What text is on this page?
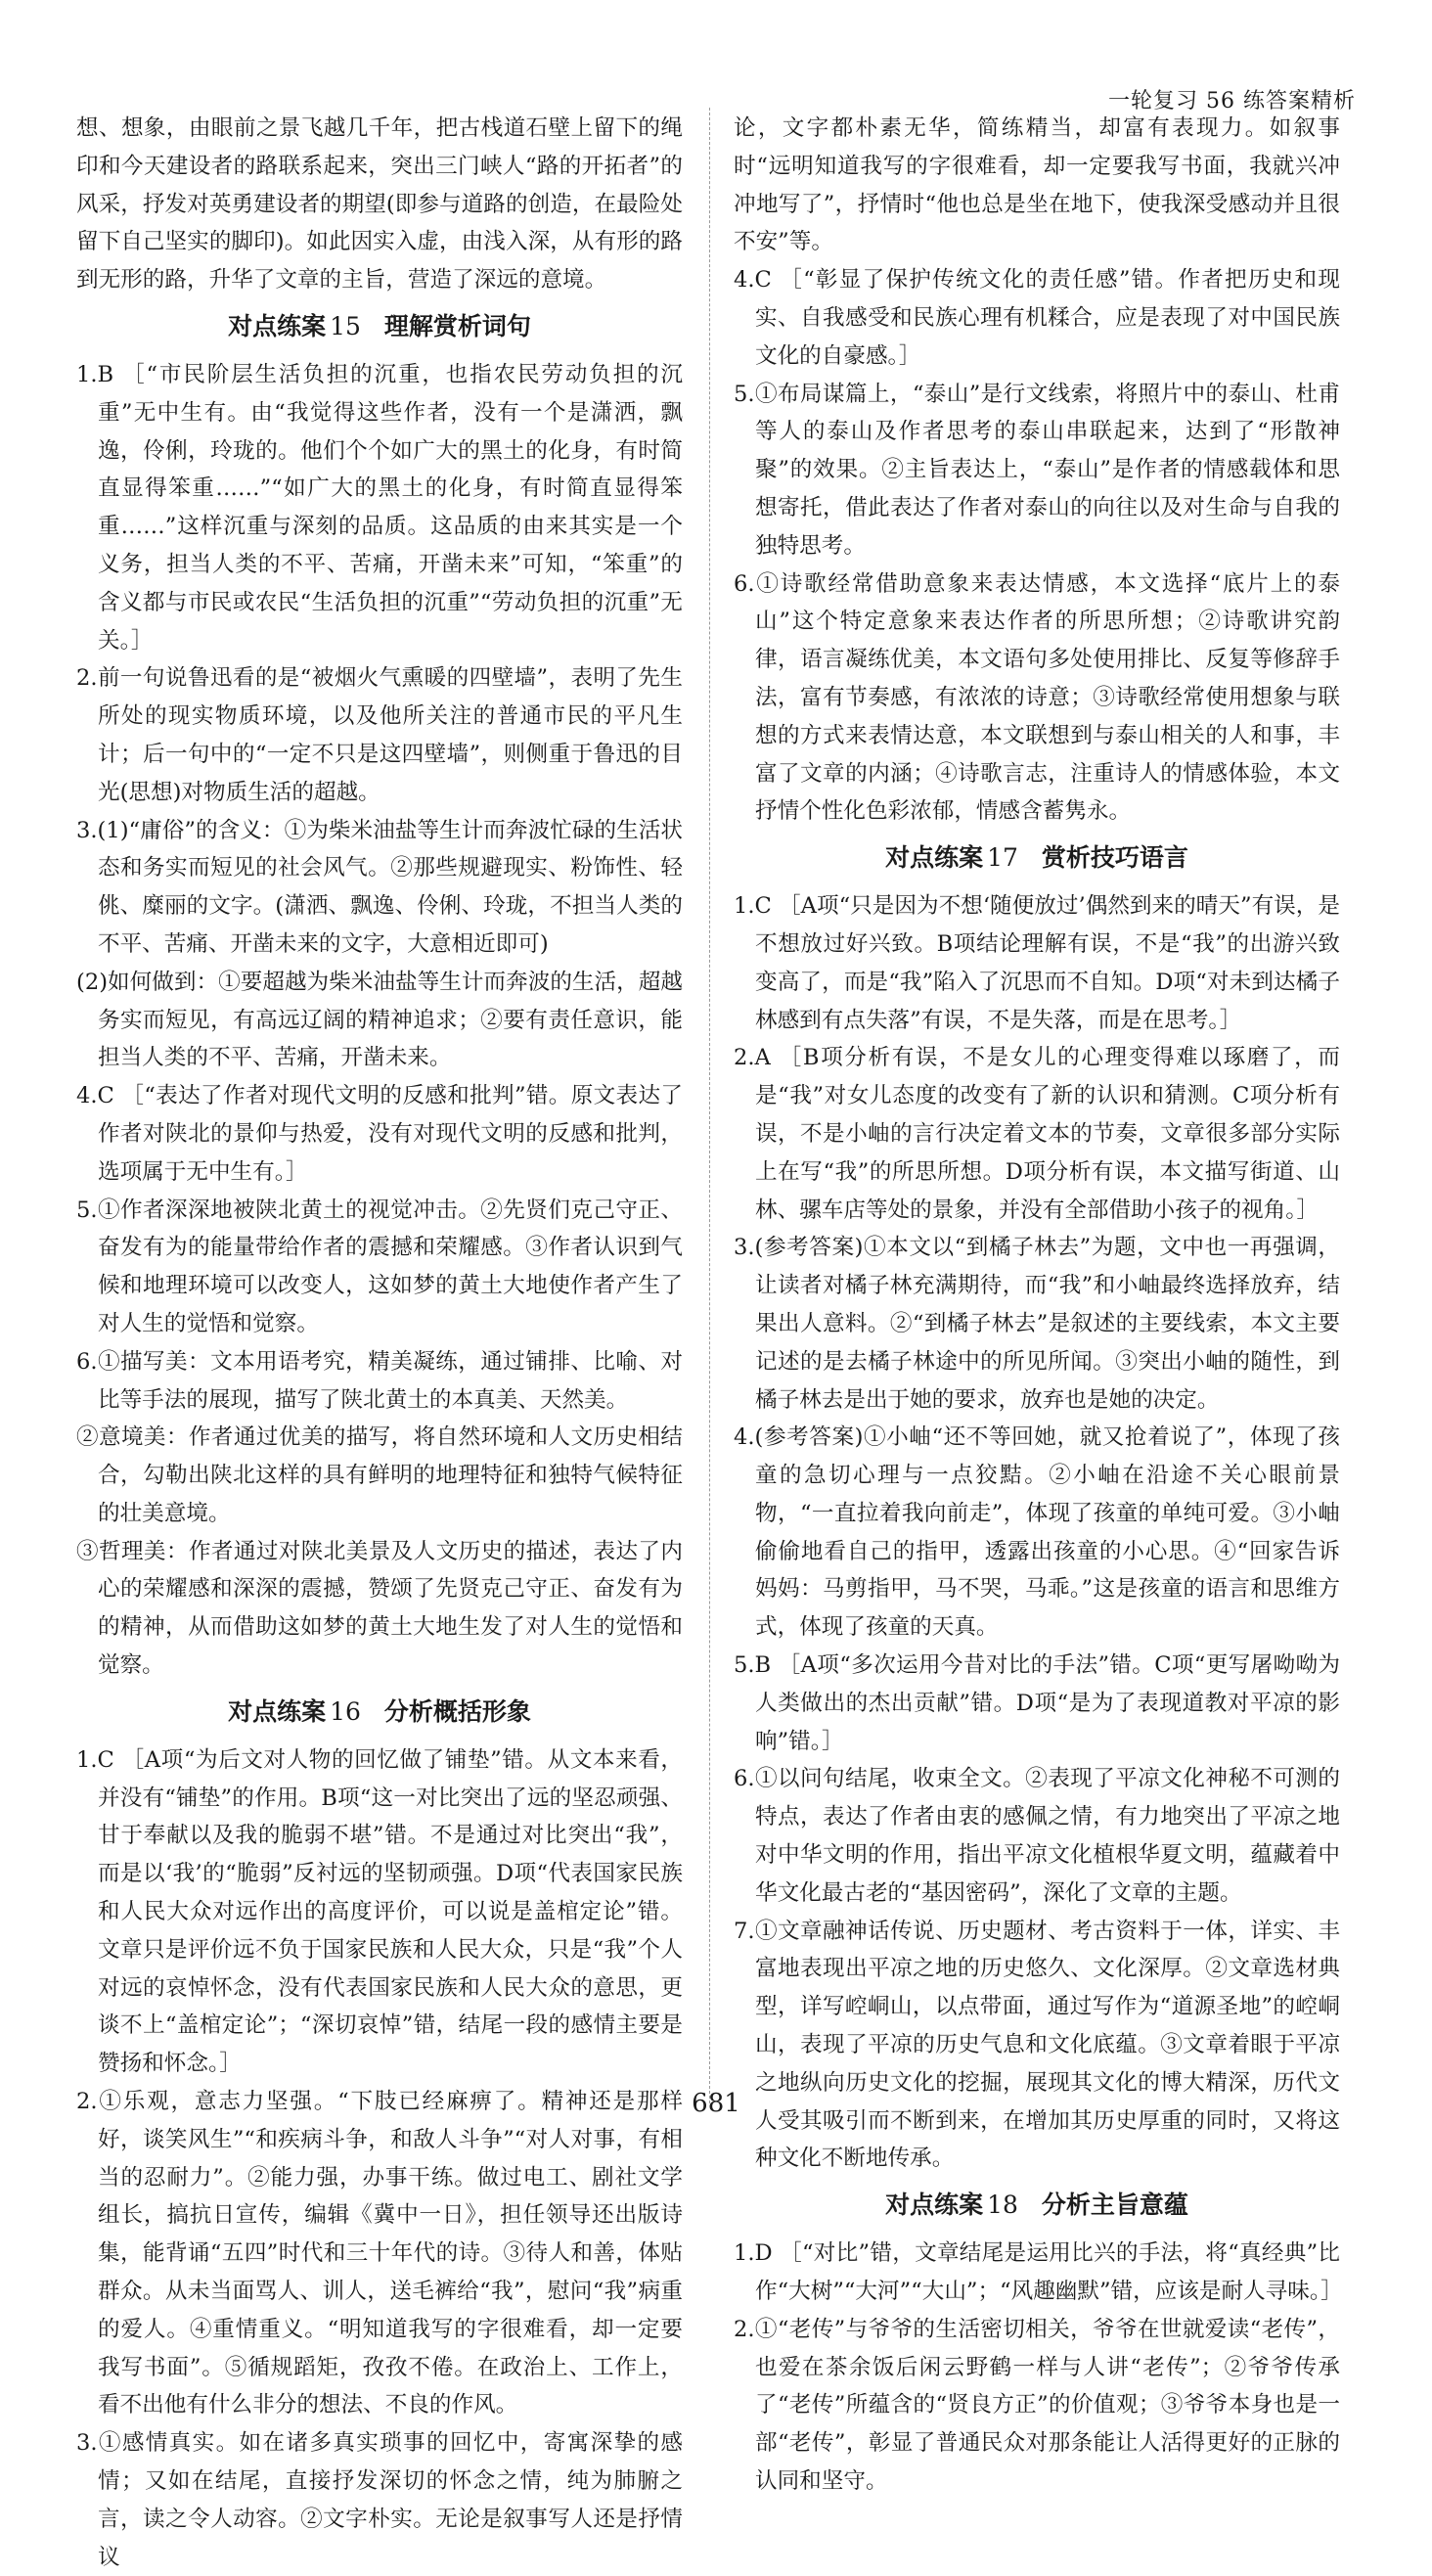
一轮复习 56 练答案精析

想、想象，由眼前之景飞越几千年，把古栈道石壁上留下的绳印和今天建设者的路联系起来，突出三门峡人“路的开拓者”的风采，抒发对英勇建设者的期望(即参与道路的创造，在最险处留下自己坚实的脚印)。如此因实入虚，由浅入深，从有形的路到无形的路，升华了文章的主旨，营造了深远的意境。

对点练案 15 理解赏析词句

1.B ［“市民阶层生活负担的沉重，也指农民劳动负担的沉重”无中生有。由“我觉得这些作者，没有一个是潇洒，飘逸，伶俐，玲珑的。他们个个如广大的黑土的化身，有时简直显得笨重……”“如广大的黑土的化身，有时简直显得笨重……”这样沉重与深刻的品质。这品质的由来其实是一个义务，担当人类的不平、苦痛，开凿未来”可知，“笨重”的含义都与市民或农民“生活负担的沉重”“劳动负担的沉重”无关。］

2.前一句说鲁迅看的是“被烟火气熏暖的四壁墙”，表明了先生所处的现实物质环境，以及他所关注的普通市民的平凡生计；后一句中的“一定不只是这四壁墙”，则侧重于鲁迅的目光(思想)对物质生活的超越。

3.(1)“庸俗”的含义：①为柴米油盐等生计而奔波忙碌的生活状态和务实而短见的社会风气。②那些规避现实、粉饰性、轻佻、糜丽的文字。(潇洒、飘逸、伶俐、玲珑，不担当人类的不平、苦痛、开凿未来的文字，大意相近即可)

(2)如何做到：①要超越为柴米油盐等生计而奔波的生活，超越务实而短见，有高远辽阔的精神追求；②要有责任意识，能担当人类的不平、苦痛，开凿未来。

4.C ［“表达了作者对现代文明的反感和批判”错。原文表达了作者对陕北的景仰与热爱，没有对现代文明的反感和批判，选项属于无中生有。］

5.①作者深深地被陕北黄土的视觉冲击。②先贤们克己守正、奋发有为的能量带给作者的震撼和荣耀感。③作者认识到气候和地理环境可以改变人，这如梦的黄土大地使作者产生了对人生的觉悟和觉察。

6.①描写美：文本用语考究，精美凝练，通过铺排、比喻、对比等手法的展现，描写了陕北黄土的本真美、天然美。

②意境美：作者通过优美的描写，将自然环境和人文历史相结合，勾勒出陕北这样的具有鲜明的地理特征和独特气候特征的壮美意境。

③哲理美：作者通过对陕北美景及人文历史的描述，表达了内心的荣耀感和深深的震撼，赞颂了先贤克己守正、奋发有为的精神，从而借助这如梦的黄土大地生发了对人生的觉悟和觉察。

对点练案 16 分析概括形象

1.C ［A项“为后文对人物的回忆做了铺垫”错。从文本来看，并没有“铺垫”的作用。B项“这一对比突出了远的坚忍顽强、甘于奉献以及我的脆弱不堪”错。不是通过对比突出“我”，而是以‘我’的“脆弱”反衬远的坚韧顽强。D项“代表国家民族和人民大众对远作出的高度评价，可以说是盖棺定论”错。文章只是评价远不负于国家民族和人民大众，只是“我”个人对远的哀悼怀念，没有代表国家民族和人民大众的意思，更谈不上“盖棺定论”；“深切哀悼”错，结尾一段的感情主要是赞扬和怀念。］

2.①乐观，意志力坚强。“下肢已经麻痹了。精神还是那样好，谈笑风生”“和疾病斗争，和敌人斗争”“对人对事，有相当的忍耐力”。②能力强，办事干练。做过电工、剧社文学组长，搞抗日宣传，编辑《冀中一日》，担任领导还出版诗集，能背诵“五四”时代和三十年代的诗。③待人和善，体贴群众。从未当面骂人、训人，送毛裤给“我”，慰问“我”病重的爱人。④重情重义。“明知道我写的字很难看，却一定要我写书面”。⑤循规蹈矩，孜孜不倦。在政治上、工作上，看不出他有什么非分的想法、不良的作风。

3.①感情真实。如在诸多真实琐事的回忆中，寄寓深挚的感情；又如在结尾，直接抒发深切的怀念之情，纯为肺腑之言，读之令人动容。②文字朴实。无论是叙事写人还是抒情议

论，文字都朴素无华，简练精当，却富有表现力。如叙事时“远明知道我写的字很难看，却一定要我写书面，我就兴冲冲地写了”，抒情时“他也总是坐在地下，使我深受感动并且很不安”等。

4.C ［“彰显了保护传统文化的责任感”错。作者把历史和现实、自我感受和民族心理有机糅合，应是表现了对中国民族文化的自豪感。］

5.①布局谋篇上，“泰山”是行文线索，将照片中的泰山、杜甫等人的泰山及作者思考的泰山串联起来，达到了“形散神聚”的效果。②主旨表达上，“泰山”是作者的情感载体和思想寄托，借此表达了作者对泰山的向往以及对生命与自我的独特思考。

6.①诗歌经常借助意象来表达情感，本文选择“底片上的泰山”这个特定意象来表达作者的所思所想；②诗歌讲究韵律，语言凝练优美，本文语句多处使用排比、反复等修辞手法，富有节奏感，有浓浓的诗意；③诗歌经常使用想象与联想的方式来表情达意，本文联想到与泰山相关的人和事，丰富了文章的内涵；④诗歌言志，注重诗人的情感体验，本文抒情个性化色彩浓郁，情感含蓄隽永。

对点练案 17 赏析技巧语言

1.C ［A项“只是因为不想‘随便放过’偶然到来的晴天”有误，是不想放过好兴致。B项结论理解有误，不是“我”的出游兴致变高了，而是“我”陷入了沉思而不自知。D项“对未到达橘子林感到有点失落”有误，不是失落，而是在思考。］

2.A ［B项分析有误，不是女儿的心理变得难以琢磨了，而是“我”对女儿态度的改变有了新的认识和猜测。C项分析有误，不是小岫的言行决定着文本的节奏，文章很多部分实际上在写“我”的所思所想。D项分析有误，本文描写街道、山林、骡车店等处的景象，并没有全部借助小孩子的视角。］

3.(参考答案)①本文以“到橘子林去”为题，文中也一再强调，让读者对橘子林充满期待，而“我”和小岫最终选择放弃，结果出人意料。②“到橘子林去”是叙述的主要线索，本文主要记述的是去橘子林途中的所见所闻。③突出小岫的随性，到橘子林去是出于她的要求，放弃也是她的决定。

4.(参考答案)①小岫“还不等回她，就又抢着说了”，体现了孩童的急切心理与一点狡黠。②小岫在沿途不关心眼前景物，“一直拉着我向前走”，体现了孩童的单纯可爱。③小岫偷偷地看自己的指甲，透露出孩童的小心思。④“回家告诉妈妈：马剪指甲，马不哭，马乖。”这是孩童的语言和思维方式，体现了孩童的天真。

5.B ［A项“多次运用今昔对比的手法”错。C项“更写屠呦呦为人类做出的杰出贡献”错。D项“是为了表现道教对平凉的影响”错。］

6.①以问句结尾，收束全文。②表现了平凉文化神秘不可测的特点，表达了作者由衷的感佩之情，有力地突出了平凉之地对中华文明的作用，指出平凉文化植根华夏文明，蕴藏着中华文化最古老的“基因密码”，深化了文章的主题。

7.①文章融神话传说、历史题材、考古资料于一体，详实、丰富地表现出平凉之地的历史悠久、文化深厚。②文章选材典型，详写崆峒山，以点带面，通过写作为“道源圣地”的崆峒山，表现了平凉的历史气息和文化底蕴。③文章着眼于平凉之地纵向历史文化的挖掘，展现其文化的博大精深，历代文人受其吸引而不断到来，在增加其历史厚重的同时，又将这种文化不断地传承。

对点练案 18 分析主旨意蕴

1.D ［“对比”错，文章结尾是运用比兴的手法，将“真经典”比作“大树”“大河”“大山”；“风趣幽默”错，应该是耐人寻味。］

2.①“老传”与爷爷的生活密切相关，爷爷在世就爱读“老传”，也爱在茶余饭后闲云野鹤一样与人讲“老传”；②爷爷传承了“老传”所蕴含的“贤良方正”的价值观；③爷爷本身也是一部“老传”，彰显了普通民众对那条能让人活得更好的正脉的认同和坚守。

681
